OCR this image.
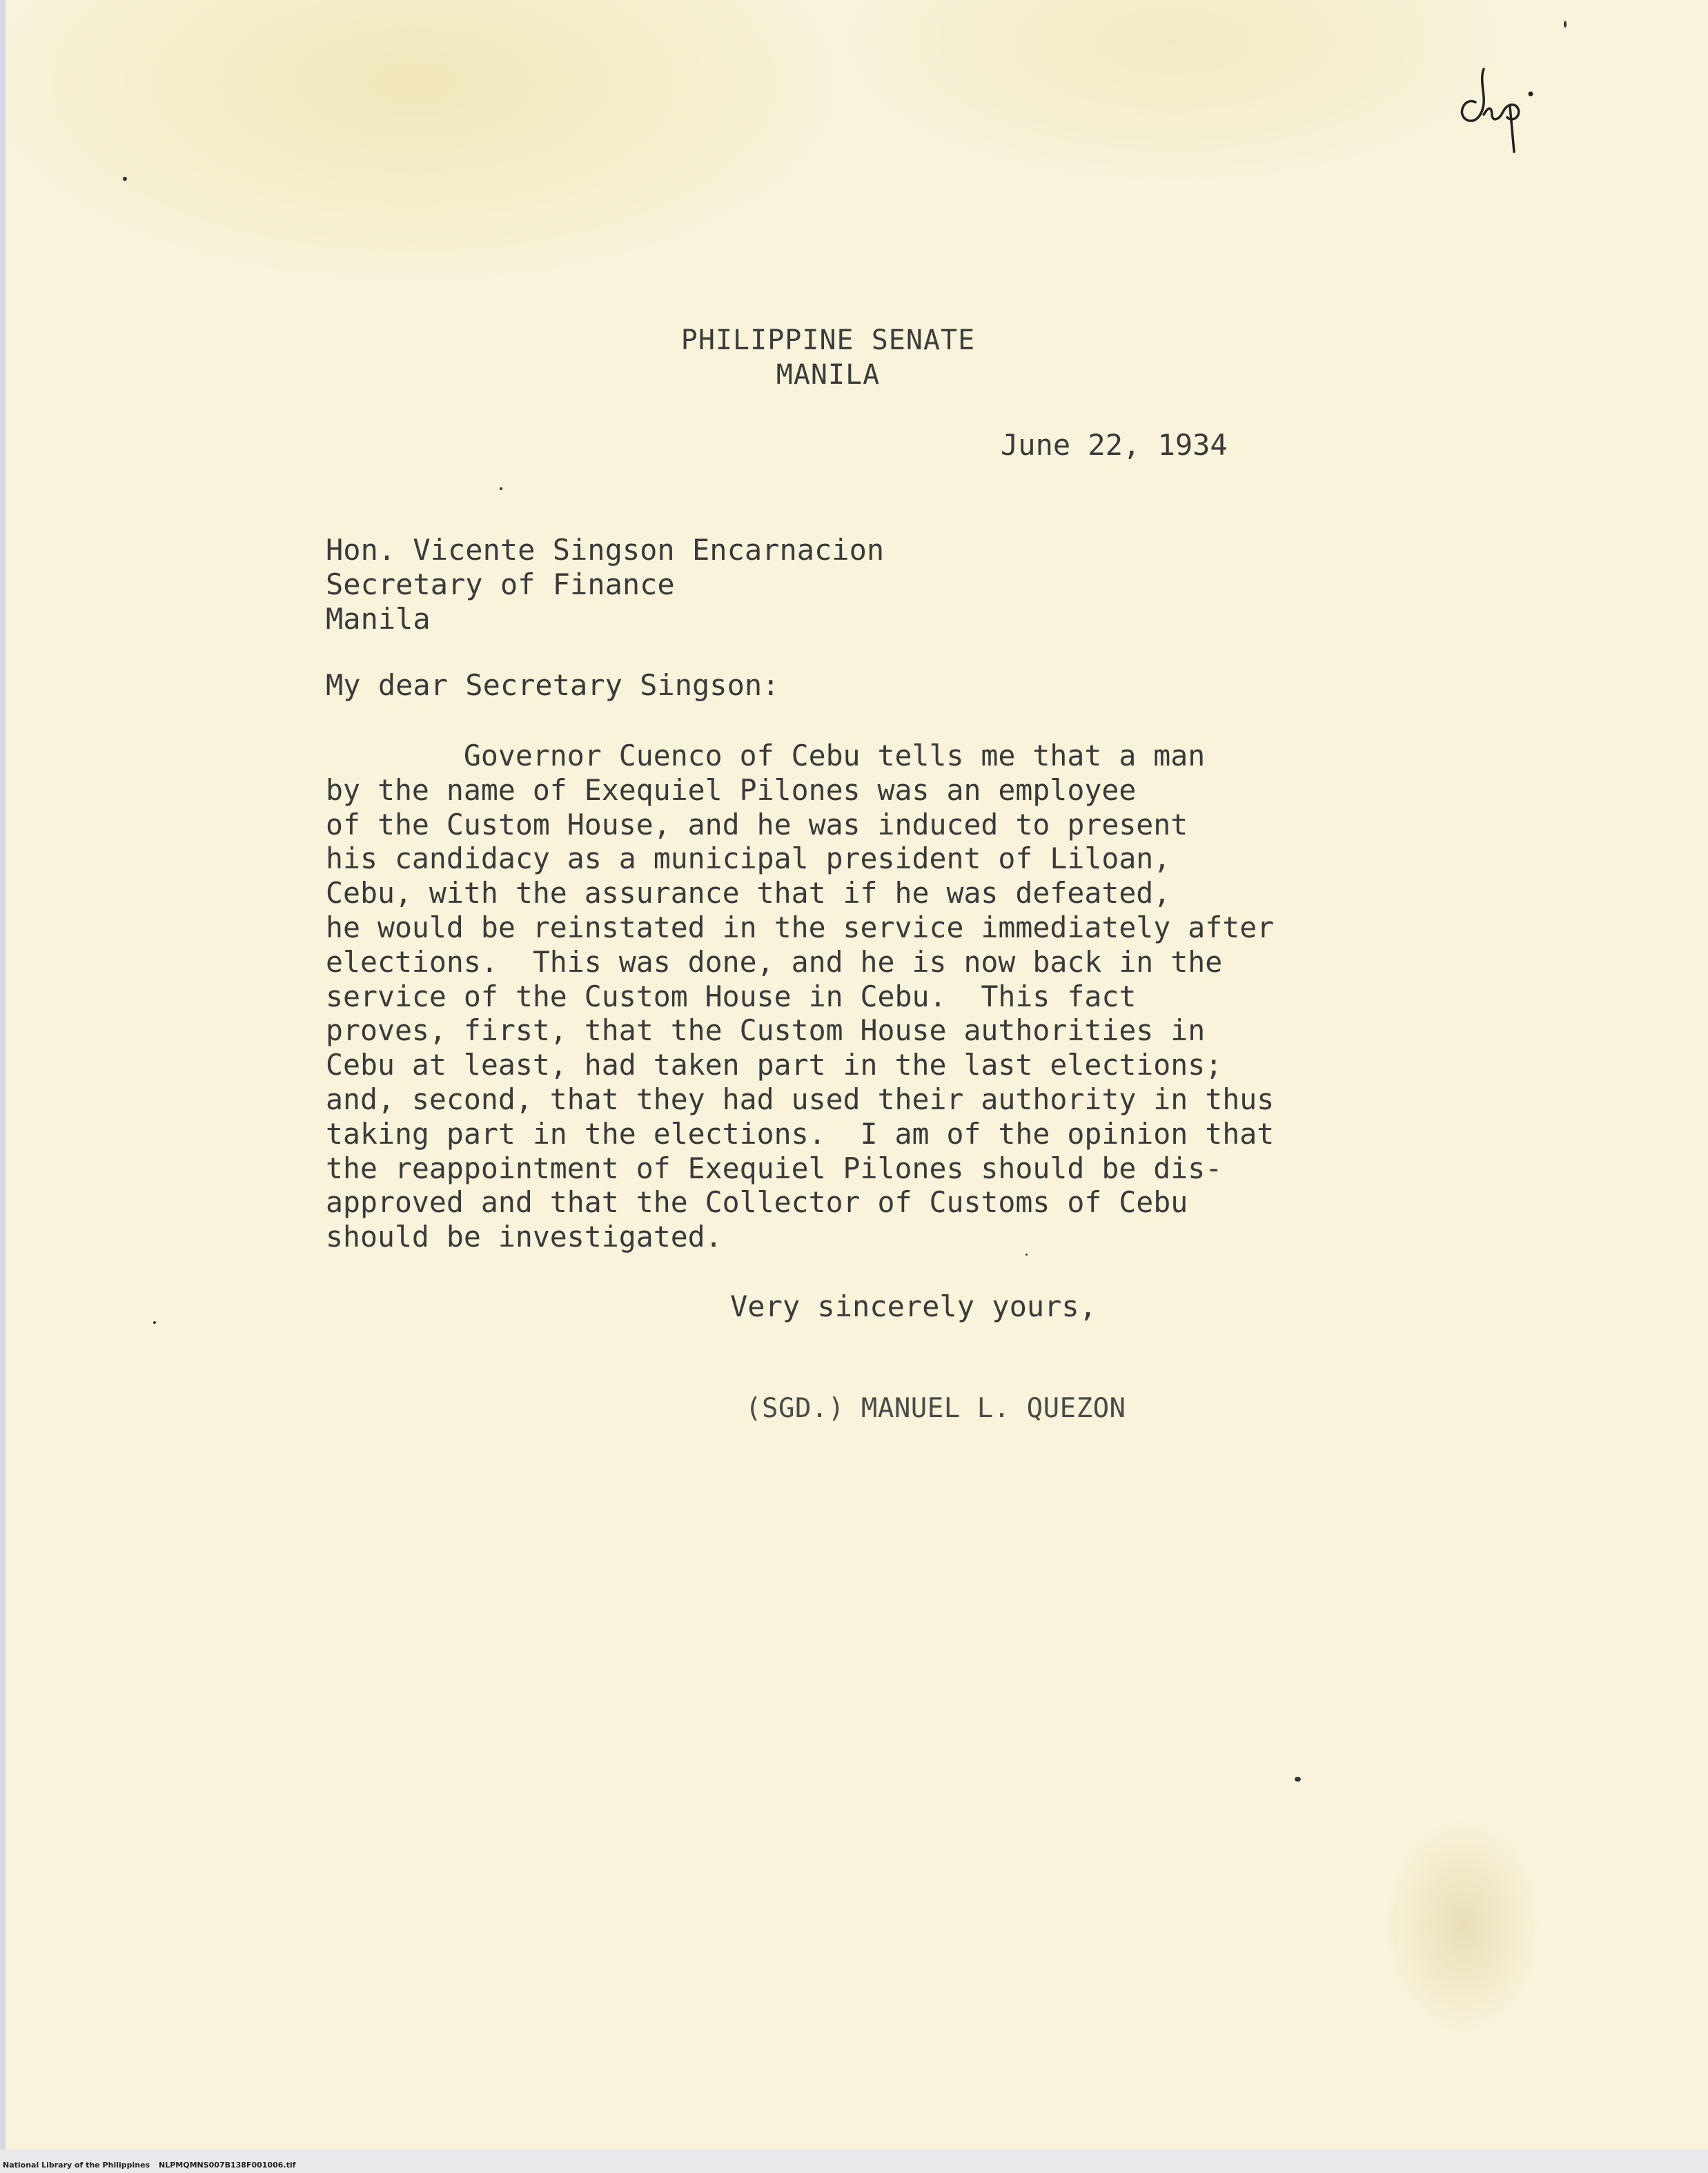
PHILIPPINE SENATE
MANILA
June 22, 1934
Hon. Vicente Singson Encarnacion
Secretary of Finance
Manila
My dear Secretary Singson:
Governor Cuenco of Cebu tells me that a man
by the name of Exequiel Pilones was an employee
of the Custom House, and he was induced to present
his candidacy as a municipal president of Liloan,
Cebu, with the assurance that if he was defeated,
he would be reinstated in the service immediately after
elections.  This was done, and he is now back in the
service of the Custom House in Cebu.  This fact
proves, first, that the Custom House authorities in
Cebu at least, had taken part in the last elections;
and, second, that they had used their authority in thus
taking part in the elections.  I am of the opinion that
the reappointment of Exequiel Pilones should be dis-
approved and that the Collector of Customs of Cebu
should be investigated.
Very sincerely yours,
(SGD.) MANUEL L. QUEZON
National Library of the Philippines NLPMQMNS007B138F001006.tif
